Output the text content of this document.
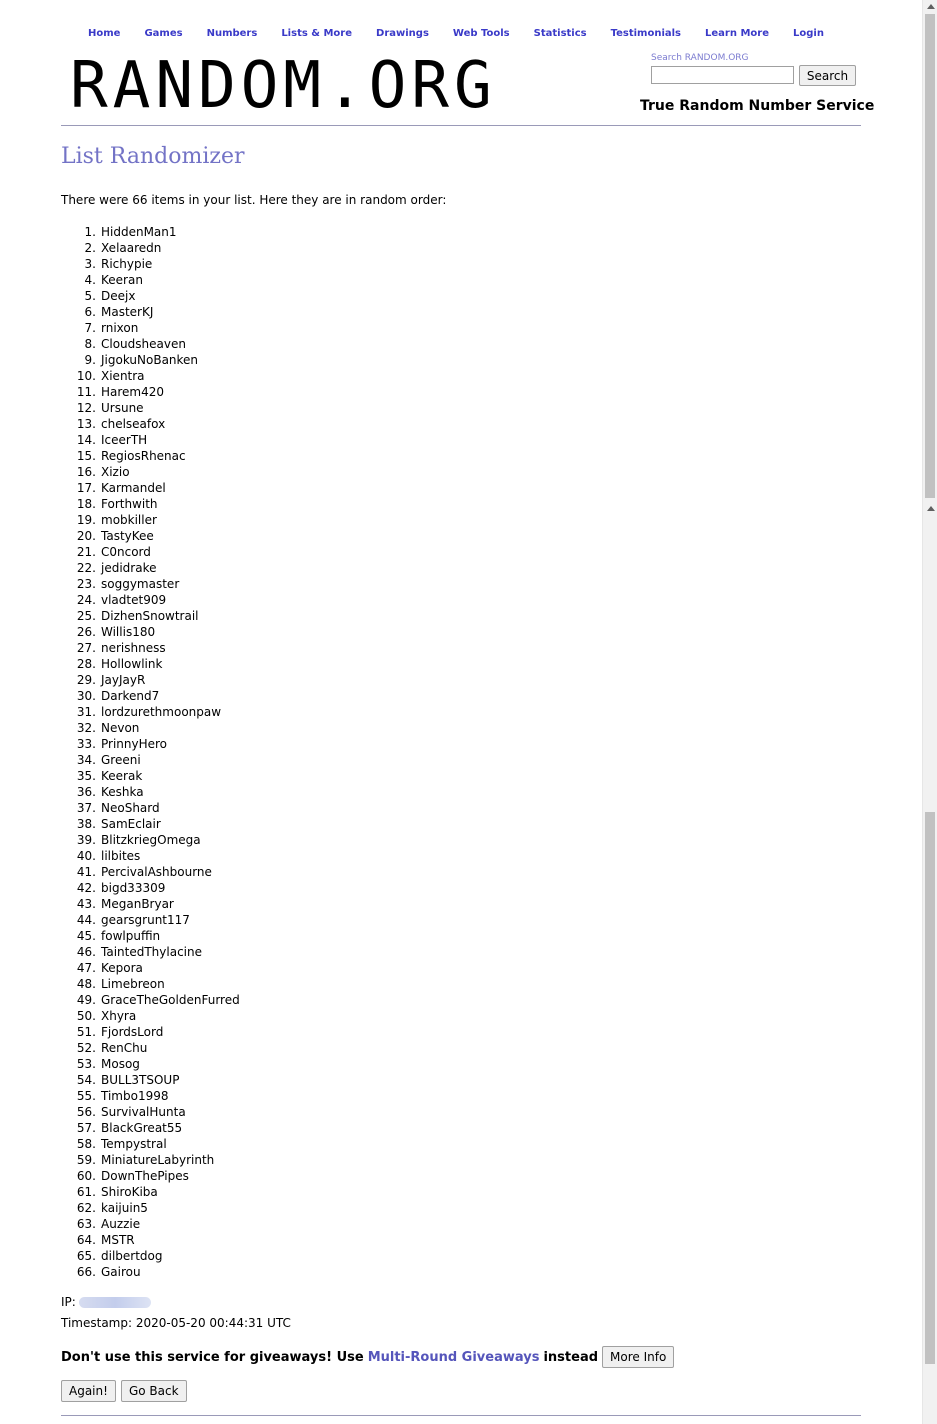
Home Games Numbers Lists & More Drawings Web Tools Statistics Testimonials Learn More Login
RANDOM.ORG	Search RANDOM.ORG
Search
True Random Number Service
List Randomizer
There were 66 items in your list. Here they are in random order:
1. HiddenMan1
2. Xelaaredn
3. Richypie
4. Keeran
5. Deejx
6. MasterKJ
7. rnixon
8. Cloudsheaven
9. JigokuNoBanken
10. Xientra
11. Harem420
12. Ursune
13. chelseafox
14. IceerTH
15. RegiosRhenac
16. Xizio
17. Karmandel
18. Forthwith
19. mobkiller
20. TastyKee
21. C0ncord
22. jedidrake
23. soggymaster
24. vladtet909
25. DizhenSnowtrail
26. Willis180
27. nerishness
28. Hollowlink
29. JayJayR
30. Darkend7
31. lordzurethmoonpaw
32. Nevon
33. PrinnyHero
34. Greeni
35. Keerak
36. Keshka
37. NeoShard
38. SamEclair
39. BlitzkriegOmega
40. lilbites
41. PercivalAshbourne
42. bigd33309
43. MeganBryar
44. gearsgrunt117
45. fowlpuffin
46. TaintedThylacine
47. Kepora
48. Limebreon
49. GraceTheGoldenFurred
50. Xhyra
51. FjordsLord
52. RenChu
53. Mosog
54. BULL3TSOUP
55. Timbo1998
56. SurvivalHunta
57. BlackGreat55
58. Tempystral
59. MiniatureLabyrinth
60. DownThePipes
61. ShiroKiba
62. kaijuin5
63. Auzzie
64. MSTR
65. dilbertdog
66. Gairou
IP:
Timestamp: 2020-05-20 00:44:31 UTC
Don't use this service for giveaways! Use Multi-Round Giveaways instead	More Info
Again!	Go Back
